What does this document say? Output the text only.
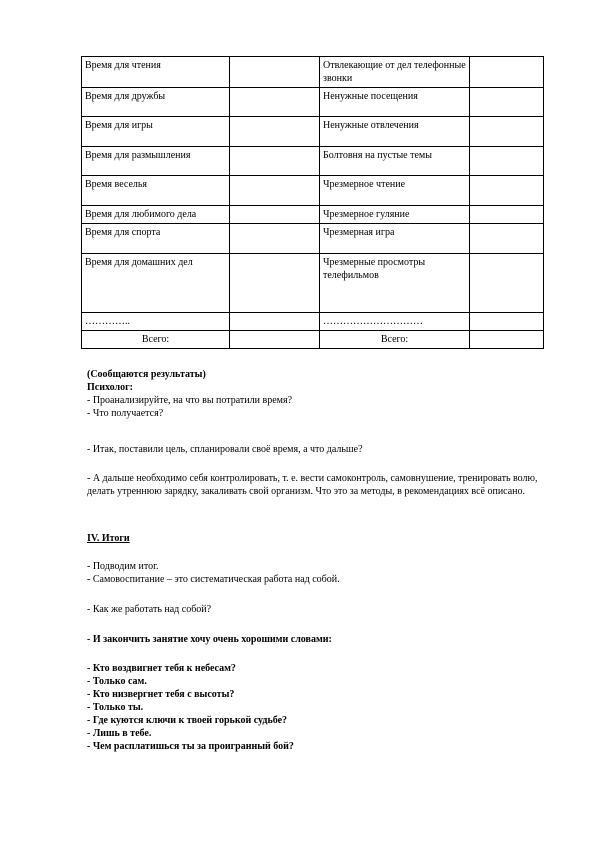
Время для чтения		Отвлекающие от дел телефонные звонки	
Время для дружбы		Ненужные посещения	
Время для игры		Ненужные отвлечения	
Время для размышления		Болтовня на пустые темы	
Время веселья		Чрезмерное чтение	
Время для любимого дела		Чрезмерное гуляние	
Время для спорта		Чрезмерная игра	
Время для домашних дел		Чрезмерные просмотры телефильмов	
…………..		…………………………	
Всего:		Всего:	

(Сообщаются результаты)

Психолог:

- Проанализируйте, на что вы потратили время?

- Что получается?

- Итак, поставили цель, спланировали своё время, а что дальше?
- А дальше необходимо себя контролировать, т. е. вести самоконтроль, самовнушение, тренировать волю, делать утреннюю зарядку, закаливать свой организм. Что это за методы, в рекомендациях всё описано.
IV. Итоги

- Подводим итог.

- Самовоспитание – это систематическая работа над собой.

- Как же работать над собой?
- И закончить занятие хочу очень хорошими словами:

- Кто воздвигнет тебя к небесам?

- Только сам.

- Кто низвергнет тебя с высоты?

- Только ты.

- Где куются ключи к твоей горькой судьбе?

- Лишь в тебе.

- Чем расплатишься ты за проигранный бой?
